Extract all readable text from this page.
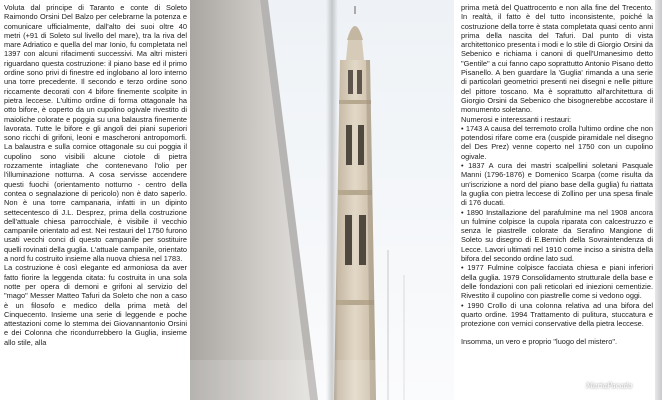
Voluta dal principe di Taranto e conte di Soleto Raimondo Orsini Del Balzo per celebrarne la potenza e comunicare ufficialmente, dall'alto dei suoi oltre 40 metri (+91 di Soleto sul livello del mare), tra la riva del mare Adriatico e quella del mar Ionio, fu completata nel 1397 con alcuni rifacimenti successivi. Ma altri misteri riguardano questa costruzione: il piano base ed il primo ordine sono privi di finestre ed inglobano al loro interno una torre precedente. Il secondo e terzo ordine sono riccamente decorati con 4 bifore finemente scolpite in pietra leccese. L'ultimo ordine di forma ottagonale ha otto bifore, è coperto da un cupolino ogivale rivestito di maioliche colorate e poggia su una balaustra finemente lavorata. Tutte le bifore e gli angoli dei piani superiori sono ricchi di grifoni, leoni e mascheroni antropomorfi. La balaustra e sulla cornice ottagonale su cui poggia il cupolino sono visibili alcune ciotole di pietra rozzamente intagliate che contenevano l'olio per l'illuminazione notturna. A cosa servisse accendere questi fuochi (orientamento notturno - centro della contea o segnalazione di pericolo) non è dato saperlo. Non è una torre campanaria, infatti in un dipinto settecentesco di J.L. Desprez, prima della costruzione dell'attuale chiesa parrocchiale, è visibile il vecchio campanile orientato ad est. Nei restauri del 1750 furono usati vecchi conci di questo campanile per sostituire quelli rovinati della guglia. L'attuale campanile, orientato a nord fu costruito insieme alla nuova chiesa nel 1783.

La costruzione è così elegante ed armoniosa da aver fatto fiorire la leggenda citata: fu costruita in una sola notte per opera di demoni e grifoni al servizio del "mago" Messer Matteo Tafuri da Soleto che non a caso è un filosofo e medico della prima metà del Cinquecento. Insieme una serie di leggende e poche attestazioni come lo stemma dei Giovannantonio Orsini e dei Colonna che ricondurrebbero la Guglia, insieme allo stile, alla

MariaPacada

prima metà del Quattrocento e non alla fine del Trecento. In realtà, il fatto è del tutto inconsistente, poiché la costruzione della torre è stata completata quasi cento anni prima della nascita del Tafuri. Dal punto di vista architettonico presenta i modi e lo stile di Giorgio Orsini da Sebenico e richiama i canoni di quell'Umanesimo detto "Gentile" a cui fanno capo soprattutto Antonio Pisano detto Pisanello. A ben guardare la 'Guglia' rimanda a una serie di particolari geometrici presenti nei disegni e nelle pitture del pittore toscano. Ma è soprattutto all'architettura di Giorgio Orsini da Sebenico che bisognerebbe accostare il monumento soletano.

Numerosi e interessanti i restauri:

• 1743 A causa del terremoto crolla l'ultimo ordine che non potendosi rifare come era (cuspide piramidale nel disegno del Des Prez) venne coperto nel 1750 con un cupolino ogivale.

• 1837 A cura dei mastri scalpellini soletani Pasquale Manni (1796-1876) e Domenico Scarpa (come risulta da un'iscrizione a nord del piano base della guglia) fu riattata la guglia con pietra leccese di Zollino per una spesa finale di 176 ducati.

• 1890 Installazione del parafulmine ma nel 1908 ancora un fulmine colpisce la cupola riparata con calcestruzzo e senza le piastrelle colorate da Serafino Mangione di Soleto su disegno di E.Bernich della Sovraintendenza di Lecce. Lavori ultimati nel 1910 come inciso a sinistra della bifora del secondo ordine lato sud.

• 1977 Fulmine colpisce facciata chiesa e piani inferiori della guglia. 1979 Consolidamento strutturale della base e delle fondazioni con pali reticolari ed iniezioni cementizie. Rivestito il cupolino con piastrelle come si vedono oggi.

• 1990 Crollo di una colonna relativa ad una bifora del quarto ordine. 1994 Trattamento di pulitura, stuccatura e protezione con vernici conservative della pietra leccese.

Insomma, un vero e proprio "luogo del mistero".
